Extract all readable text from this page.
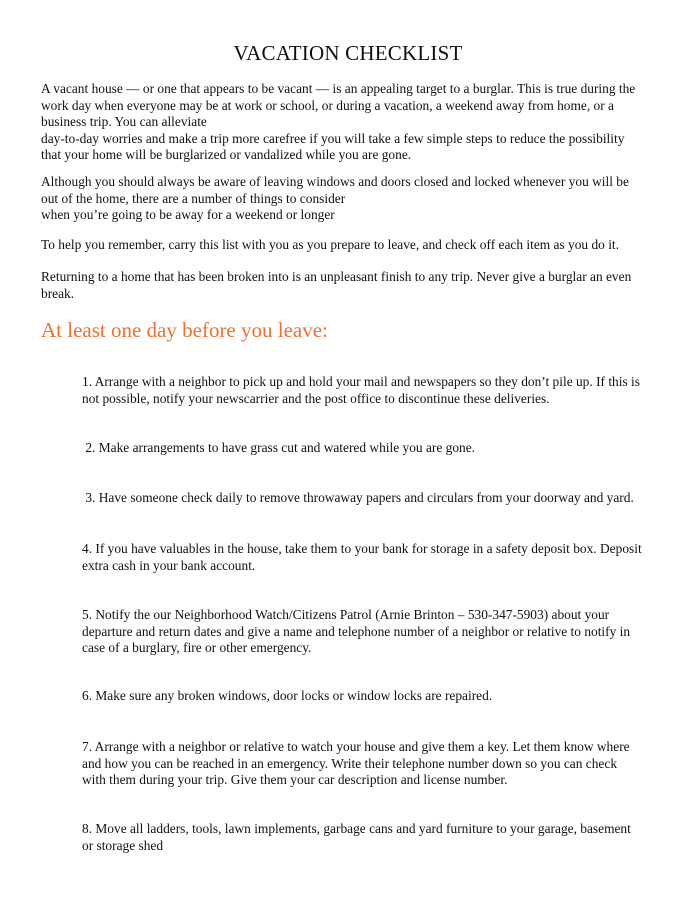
VACATION CHECKLIST
A vacant house — or one that appears to be vacant — is an appealing target to a burglar. This is true during the
work day when everyone may be at work or school, or during a vacation, a weekend away from home, or a
business trip. You can alleviate
day-to-day worries and make a trip more carefree if you will take a few simple steps to reduce the possibility
that your home will be burglarized or vandalized while you are gone.
Although you should always be aware of leaving windows and doors closed and locked whenever you will be
out of the home, there are a number of things to consider
when you’re going to be away for a weekend or longer
To help you remember, carry this list with you as you prepare to leave, and check off each item as you do it.
Returning to a home that has been broken into is an unpleasant finish to any trip. Never give a burglar an even
break.
At least one day before you leave:
1. Arrange with a neighbor to pick up and hold your mail and newspapers so they don’t pile up. If this is
not possible, notify your newscarrier and the post office to discontinue these deliveries.
2. Make arrangements to have grass cut and watered while you are gone.
3. Have someone check daily to remove throwaway papers and circulars from your doorway and yard.
4. If you have valuables in the house, take them to your bank for storage in a safety deposit box. Deposit
extra cash in your bank account.
5. Notify the our Neighborhood Watch/Citizens Patrol (Arnie Brinton – 530-347-5903) about your
departure and return dates and give a name and telephone number of a neighbor or relative to notify in
case of a burglary, fire or other emergency.
6. Make sure any broken windows, door locks or window locks are repaired.
7. Arrange with a neighbor or relative to watch your house and give them a key. Let them know where
and how you can be reached in an emergency. Write their telephone number down so you can check
with them during your trip. Give them your car description and license number.
8. Move all ladders, tools, lawn implements, garbage cans and yard furniture to your garage, basement
or storage shed
